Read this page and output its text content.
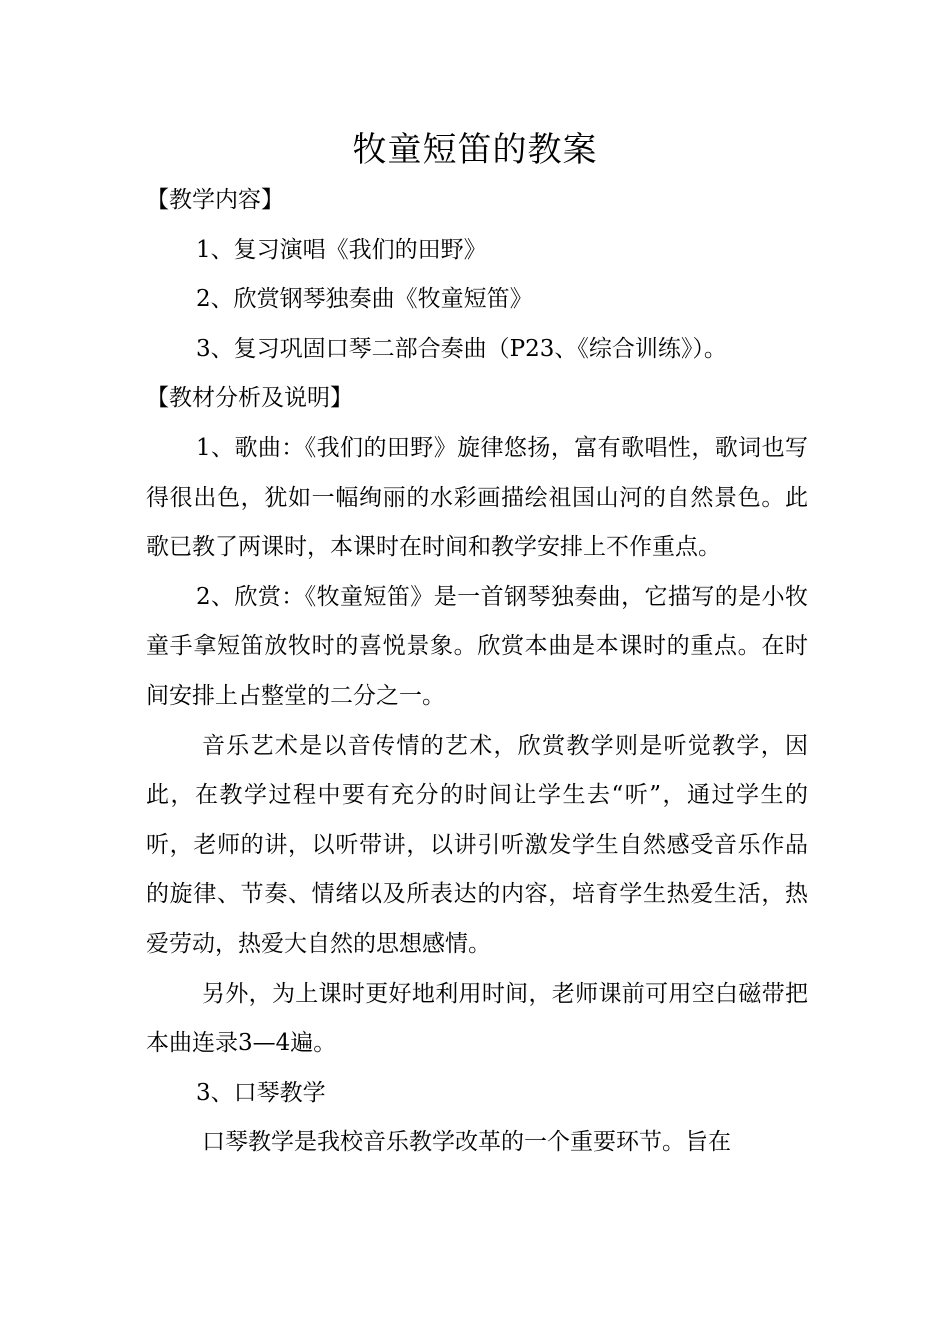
牧童短笛的教案

【教学内容】

1、复习演唱《我们的田野》

2、欣赏钢琴独奏曲《牧童短笛》

3、复习巩固口琴二部合奏曲（P23、《综合训练》）。

【教材分析及说明】

1、歌曲：《我们的田野》旋律悠扬，富有歌唱性，歌词也写得很出色，犹如一幅绚丽的水彩画描绘祖国山河的自然景色。此歌已教了两课时，本课时在时间和教学安排上不作重点。

2、欣赏：《牧童短笛》是一首钢琴独奏曲，它描写的是小牧童手拿短笛放牧时的喜悦景象。欣赏本曲是本课时的重点。在时间安排上占整堂的二分之一。

音乐艺术是以音传情的艺术，欣赏教学则是听觉教学，因此，在教学过程中要有充分的时间让学生去“听”，通过学生的听，老师的讲，以听带讲，以讲引听激发学生自然感受音乐作品的旋律、节奏、情绪以及所表达的内容，培育学生热爱生活，热爱劳动，热爱大自然的思想感情。

另外，为上课时更好地利用时间，老师课前可用空白磁带把本曲连录3—4遍。

3、口琴教学

口琴教学是我校音乐教学改革的一个重要环节。旨在
